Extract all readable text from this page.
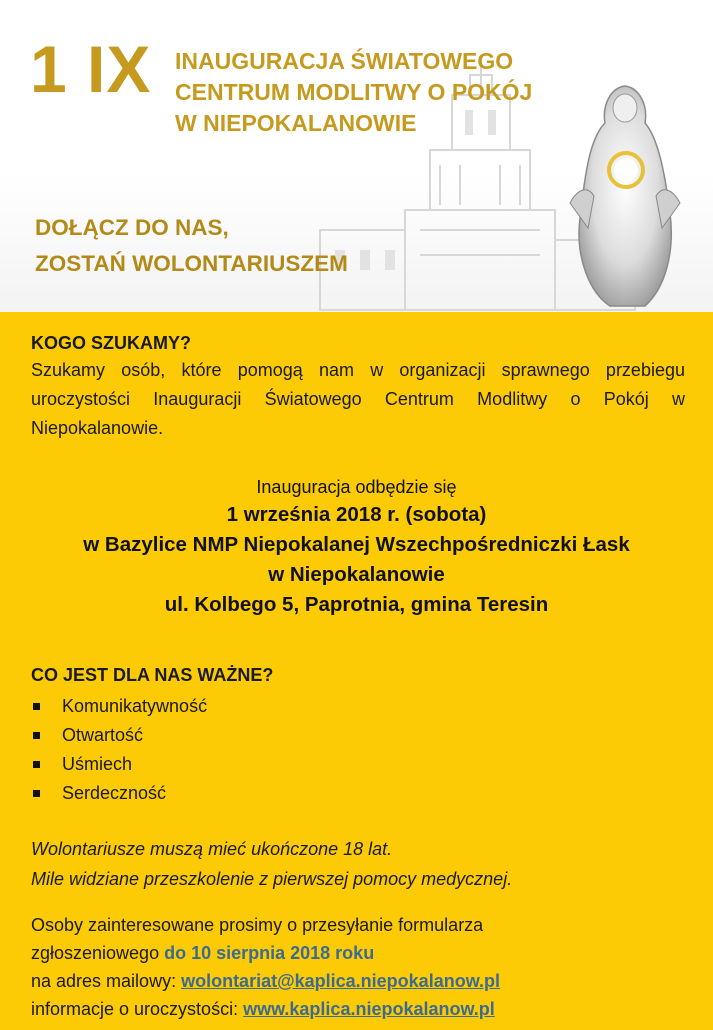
1 IX INAUGURACJA ŚWIATOWEGO
CENTRUM MODLITWY O POKÓJ
W NIEPOKALANOWIE
DOŁĄCZ DO NAS,
ZOSTAŃ WOLONTARIUSZEM
KOGO SZUKAMY?
Szukamy osób, które pomogą nam w organizacji sprawnego przebiegu uroczystości Inauguracji Światowego Centrum Modlitwy o Pokój w Niepokalanowie.
Inauguracja odbędzie się
1 września 2018 r. (sobota)
w Bazylice NMP Niepokalanej Wszechpośredniczki Łask
w Niepokalanowie
ul. Kolbego 5, Paprotnia, gmina Teresin
CO JEST DLA NAS WAŻNE?
Komunikatywność
Otwartość
Uśmiech
Serdeczność
Wolontariusze muszą mieć ukończone 18 lat.
Mile widziane przeszkolenie z pierwszej pomocy medycznej.
Osoby zainteresowane prosimy o przesyłanie formularza
zgłoszeniowego do 10 sierpnia 2018 roku
na adres mailowy: wolontariat@kaplica.niepokalanow.pl
informacje o uroczystości: www.kaplica.niepokalanow.pl
